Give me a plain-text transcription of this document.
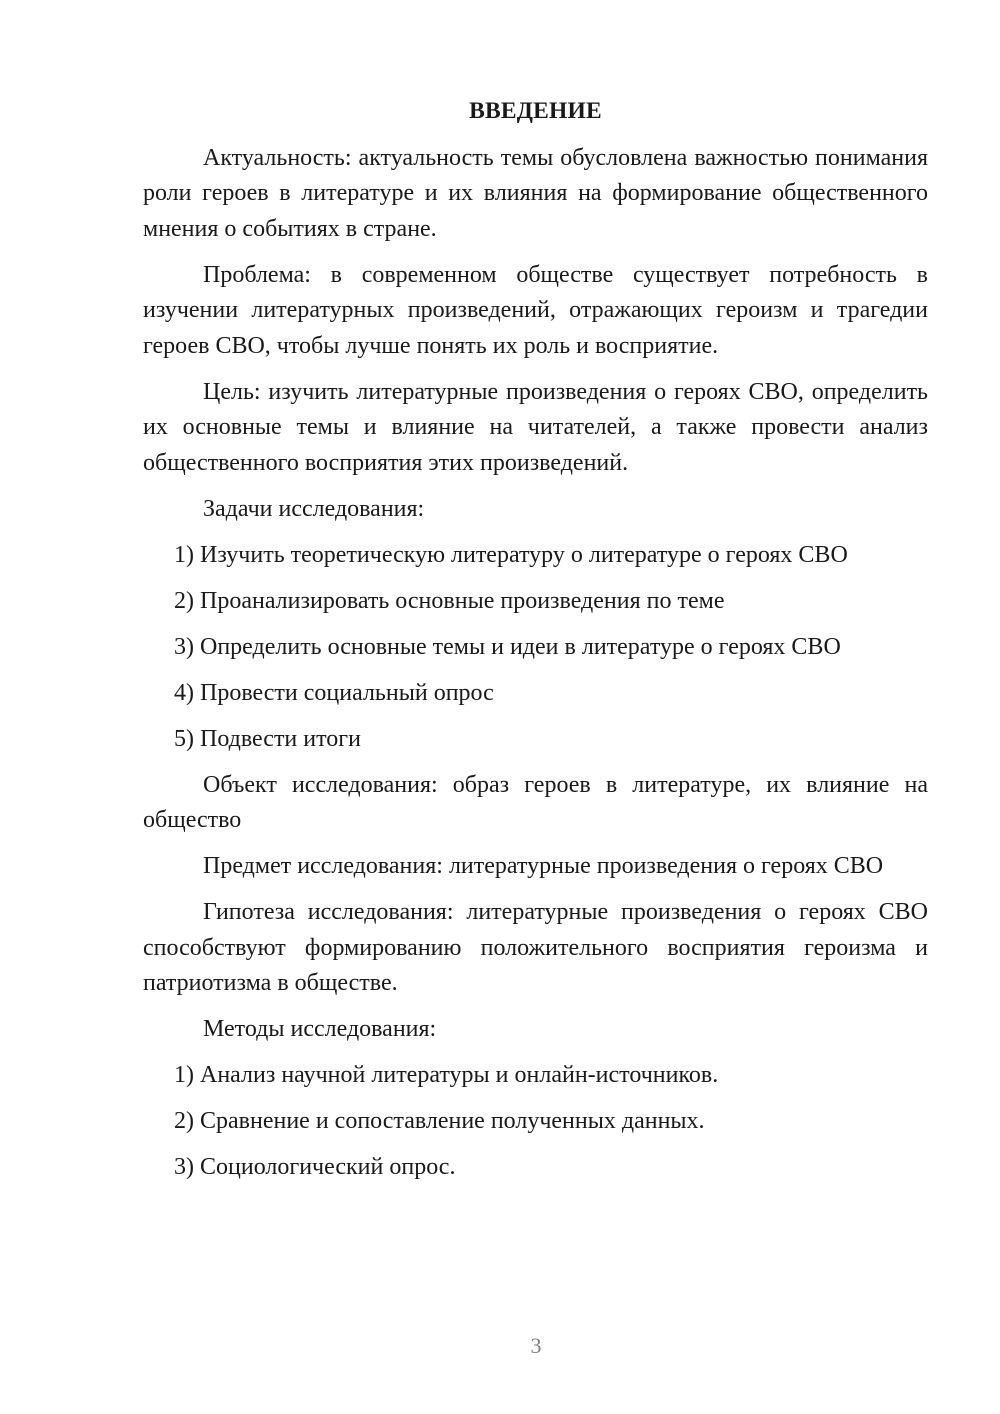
ВВЕДЕНИЕ

Актуальность: актуальность темы обусловлена важностью понимания роли героев в литературе и их влияния на формирование общественного мнения о событиях в стране.

Проблема: в современном обществе существует потребность в изучении литературных произведений, отражающих героизм и трагедии героев СВО, чтобы лучше понять их роль и восприятие.

Цель: изучить литературные произведения о героях СВО, определить их основные темы и влияние на читателей, а также провести анализ общественного восприятия этих произведений.

Задачи исследования:

1) Изучить теоретическую литературу о литературе о героях СВО
2) Проанализировать основные произведения по теме
3) Определить основные темы и идеи в литературе о героях СВО
4) Провести социальный опрос
5) Подвести итоги

Объект исследования: образ героев в литературе, их влияние на общество

Предмет исследования: литературные произведения о героях СВО

Гипотеза исследования: литературные произведения о героях СВО способствуют формированию положительного восприятия героизма и патриотизма в обществе.

Методы исследования:

1) Анализ научной литературы и онлайн-источников.
2) Сравнение и сопоставление полученных данных.
3) Социологический опрос.
3
